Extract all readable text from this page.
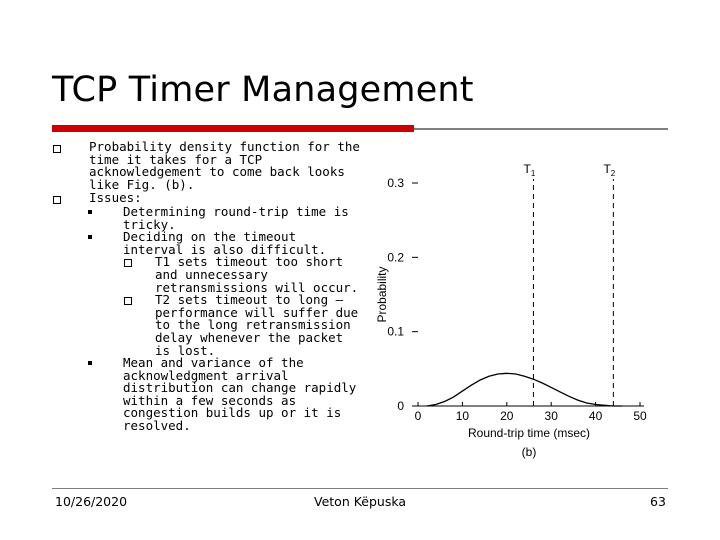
TCP Timer Management
Probability density function for the time it takes for a TCP acknowledgement to come back looks like Fig. (b).
Issues:
Determining round-trip time is tricky.
Deciding on the timeout interval is also difficult.
T1 sets timeout too short and unnecessary retransmissions will occur.
T2 sets timeout to long – performance will suffer due to the long retransmission delay whenever the packet is lost.
Mean and variance of the acknowledgment arrival distribution can change rapidly within a few seconds as congestion builds up or it is resolved.
0
0.1
0.2
0.3
0	10	20	30	40	50
Round-trip time (msec)
Probability
(b)
$T_1$	$T_2$
10/26/2020	Veton Këpuska	63
